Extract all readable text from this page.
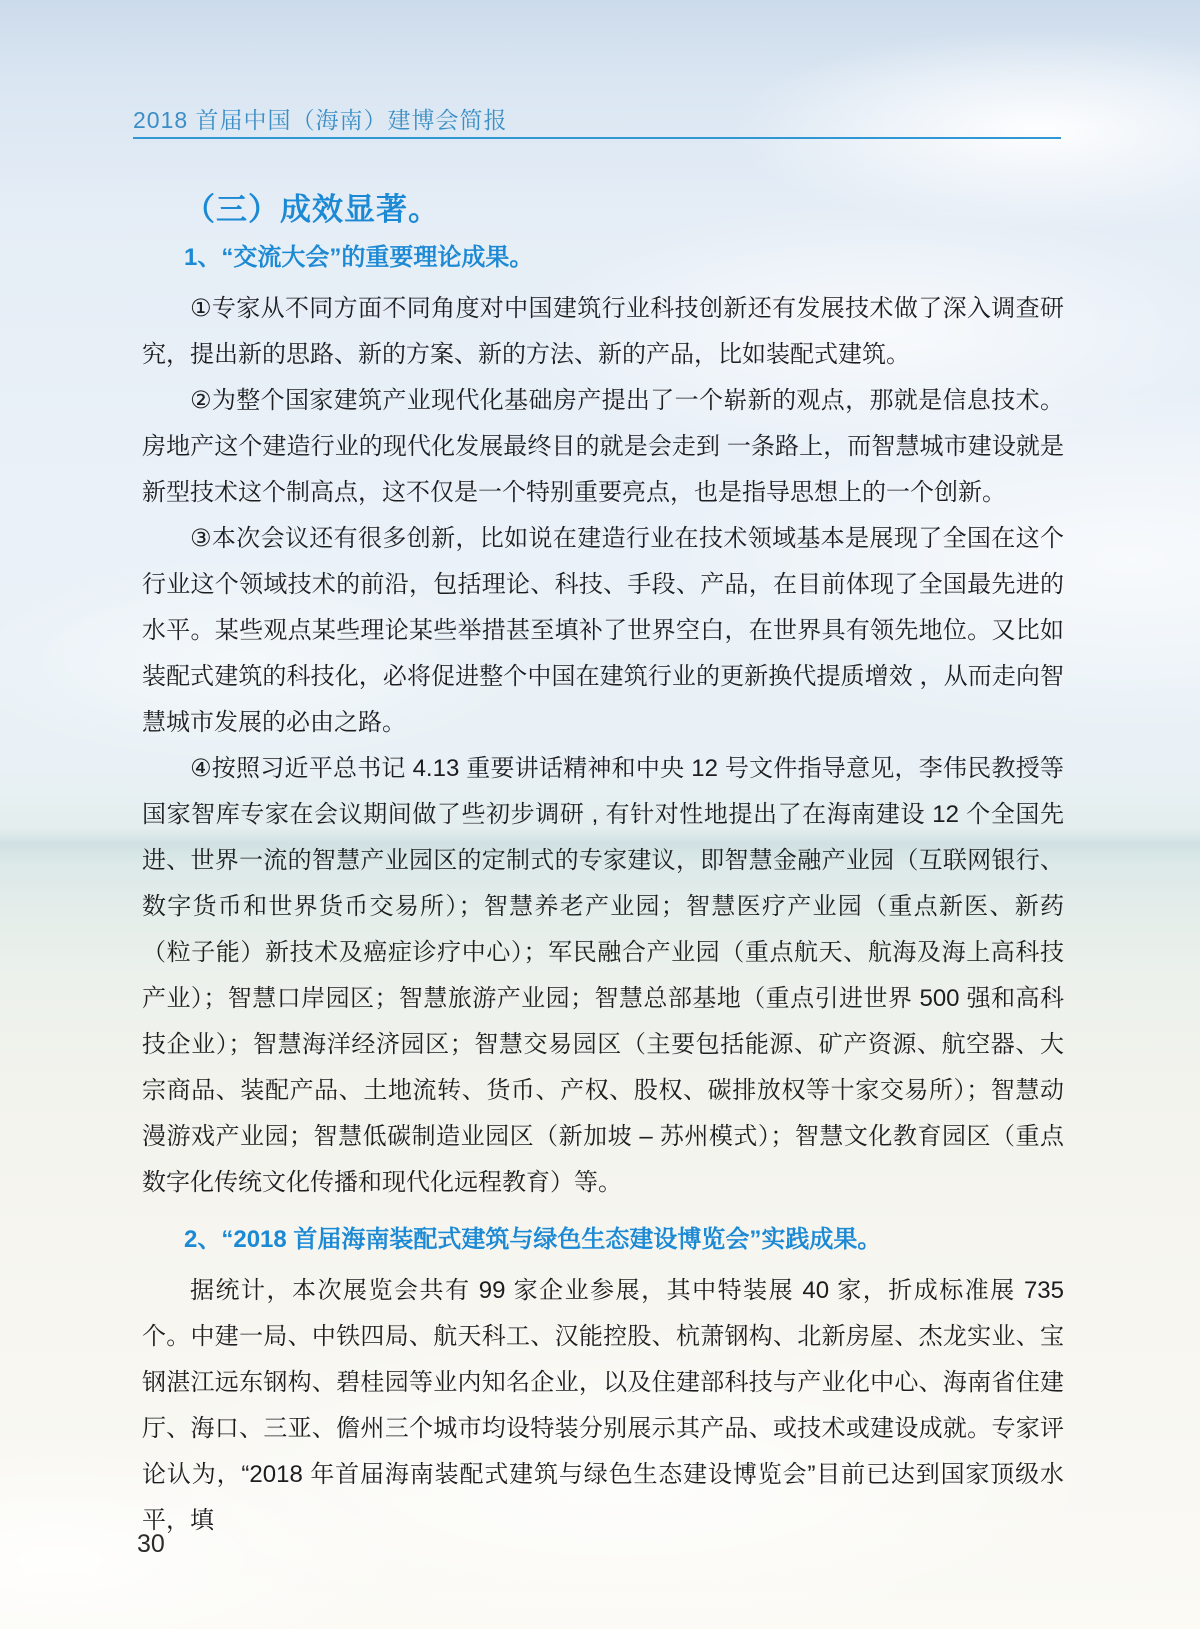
2018 首届中国（海南）建博会简报
（三）成效显著。
1、“交流大会”的重要理论成果。

①专家从不同方面不同角度对中国建筑行业科技创新还有发展技术做了深入调查研究，提出新的思路、新的方案、新的方法、新的产品，比如装配式建筑。

②为整个国家建筑产业现代化基础房产提出了一个崭新的观点，那就是信息技术。房地产这个建造行业的现代化发展最终目的就是会走到 一条路上，而智慧城市建设就是新型技术这个制高点，这不仅是一个特别重要亮点，也是指导思想上的一个创新。

③本次会议还有很多创新，比如说在建造行业在技术领域基本是展现了全国在这个行业这个领域技术的前沿，包括理论、科技、手段、产品，在目前体现了全国最先进的水平。某些观点某些理论某些举措甚至填补了世界空白，在世界具有领先地位。又比如装配式建筑的科技化，必将促进整个中国在建筑行业的更新换代提质增效 ，从而走向智慧城市发展的必由之路。

④按照习近平总书记 4.13 重要讲话精神和中央 12 号文件指导意见，李伟民教授等国家智库专家在会议期间做了些初步调研 , 有针对性地提出了在海南建设 12 个全国先进、世界一流的智慧产业园区的定制式的专家建议，即智慧金融产业园（互联网银行、数字货币和世界货币交易所）；智慧养老产业园；智慧医疗产业园（重点新医、新药（粒子能）新技术及癌症诊疗中心）；军民融合产业园（重点航天、航海及海上高科技产业）；智慧口岸园区；智慧旅游产业园；智慧总部基地（重点引进世界 500 强和高科技企业）；智慧海洋经济园区；智慧交易园区（主要包括能源、矿产资源、航空器、大宗商品、装配产品、土地流转、货币、产权、股权、碳排放权等十家交易所）；智慧动漫游戏产业园；智慧低碳制造业园区（新加坡 – 苏州模式）；智慧文化教育园区（重点数字化传统文化传播和现代化远程教育）等。

2、“2018 首届海南装配式建筑与绿色生态建设博览会”实践成果。

据统计，本次展览会共有 99 家企业参展，其中特装展 40 家，折成标准展 735 个。中建一局、中铁四局、航天科工、汉能控股、杭萧钢构、北新房屋、杰龙实业、宝钢湛江远东钢构、碧桂园等业内知名企业，以及住建部科技与产业化中心、海南省住建厅、海口、三亚、儋州三个城市均设特装分别展示其产品、或技术或建设成就。专家评论认为，“2018 年首届海南装配式建筑与绿色生态建设博览会”目前已达到国家顶级水平，填

30
